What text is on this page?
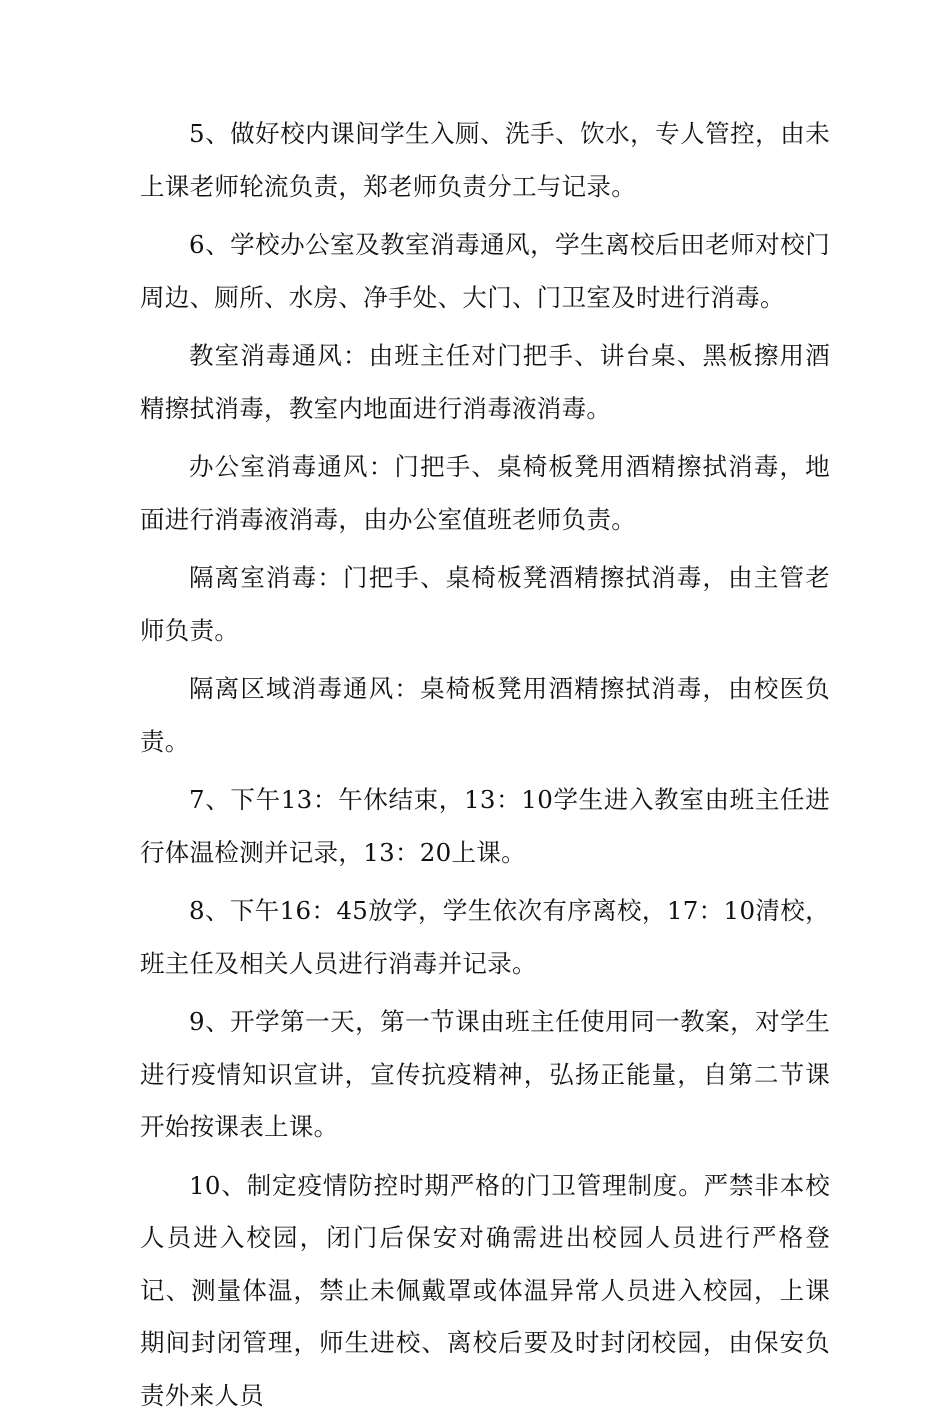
5、做好校内课间学生入厕、洗手、饮水，专人管控，由未上课老师轮流负责，郑老师负责分工与记录。

6、学校办公室及教室消毒通风，学生离校后田老师对校门周边、厕所、水房、净手处、大门、门卫室及时进行消毒。

教室消毒通风：由班主任对门把手、讲台桌、黑板擦用酒精擦拭消毒，教室内地面进行消毒液消毒。

办公室消毒通风：门把手、桌椅板凳用酒精擦拭消毒，地面进行消毒液消毒，由办公室值班老师负责。

隔离室消毒：门把手、桌椅板凳酒精擦拭消毒，由主管老师负责。

隔离区域消毒通风：桌椅板凳用酒精擦拭消毒，由校医负责。

7、下午13：午休结束，13：10学生进入教室由班主任进行体温检测并记录，13：20上课。

8、下午16：45放学，学生依次有序离校，17：10清校，班主任及相关人员进行消毒并记录。

9、开学第一天，第一节课由班主任使用同一教案，对学生进行疫情知识宣讲，宣传抗疫精神，弘扬正能量，自第二节课开始按课表上课。

10、制定疫情防控时期严格的门卫管理制度。严禁非本校人员进入校园，闭门后保安对确需进出校园人员进行严格登记、测量体温，禁止未佩戴罩或体温异常人员进入校园，上课期间封闭管理，师生进校、离校后要及时封闭校园，由保安负责外来人员
